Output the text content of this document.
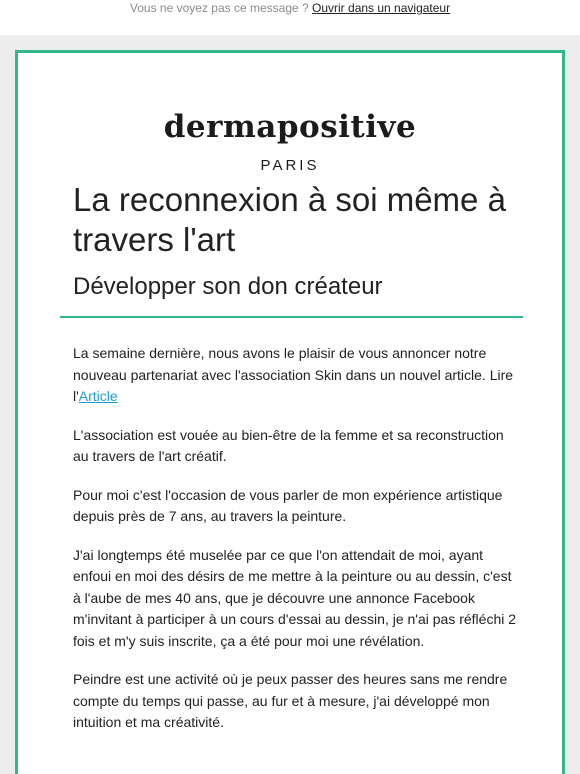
Vous ne voyez pas ce message ? Ouvrir dans un navigateur
dermapositive
PARIS
La reconnexion à soi même à travers l'art
Développer son don créateur

La semaine dernière, nous avons le plaisir de vous annoncer notre nouveau partenariat avec l'association Skin dans un nouvel article. Lire l'Article

L'association est vouée au bien-être de la femme et sa reconstruction au travers de l'art créatif.

Pour moi c'est l'occasion de vous parler de mon expérience artistique depuis près de 7 ans, au travers la peinture.

J'ai longtemps été muselée par ce que l'on attendait de moi, ayant enfoui en moi des désirs de me mettre à la peinture ou au dessin, c'est à l'aube de mes 40 ans, que je découvre une annonce Facebook m'invitant à participer à un cours d'essai au dessin, je n'ai pas réfléchi 2 fois et m'y suis inscrite, ça a été pour moi une révélation.

Peindre est une activité où je peux passer des heures sans me rendre compte du temps qui passe, au fur et à mesure, j'ai développé mon intuition et ma créativité.
